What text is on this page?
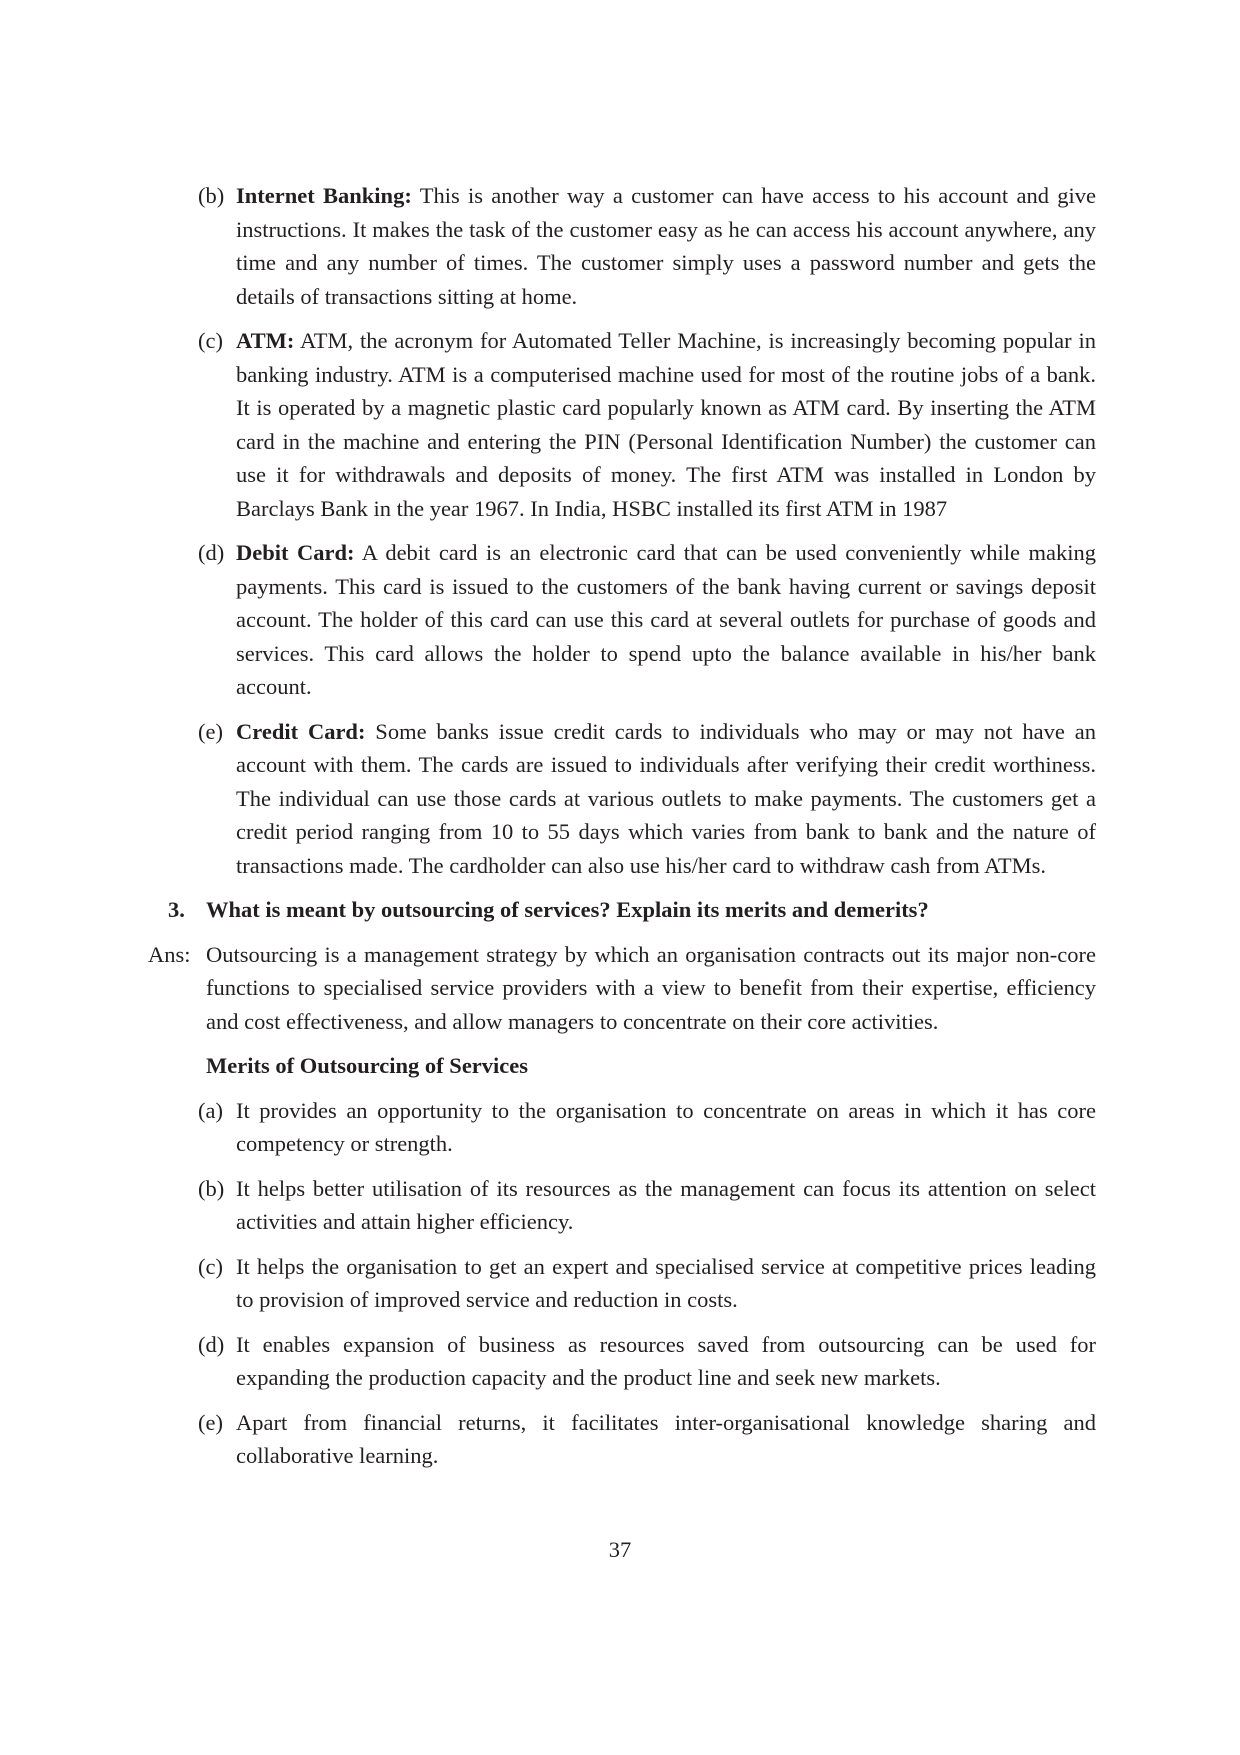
(b) Internet Banking: This is another way a customer can have access to his account and give instructions. It makes the task of the customer easy as he can access his account anywhere, any time and any number of times. The customer simply uses a password number and gets the details of transactions sitting at home.
(c) ATM: ATM, the acronym for Automated Teller Machine, is increasingly becoming popular in banking industry. ATM is a computerised machine used for most of the routine jobs of a bank. It is operated by a magnetic plastic card popularly known as ATM card. By inserting the ATM card in the machine and entering the PIN (Personal Identification Number) the customer can use it for withdrawals and deposits of money. The first ATM was installed in London by Barclays Bank in the year 1967. In India, HSBC installed its first ATM in 1987
(d) Debit Card: A debit card is an electronic card that can be used conveniently while making payments. This card is issued to the customers of the bank having current or savings deposit account. The holder of this card can use this card at several outlets for purchase of goods and services. This card allows the holder to spend upto the balance available in his/her bank account.
(e) Credit Card: Some banks issue credit cards to individuals who may or may not have an account with them. The cards are issued to individuals after verifying their credit worthiness. The individual can use those cards at various outlets to make payments. The customers get a credit period ranging from 10 to 55 days which varies from bank to bank and the nature of transactions made. The cardholder can also use his/her card to withdraw cash from ATMs.
3. What is meant by outsourcing of services? Explain its merits and demerits?
Ans: Outsourcing is a management strategy by which an organisation contracts out its major non-core functions to specialised service providers with a view to benefit from their expertise, efficiency and cost effectiveness, and allow managers to concentrate on their core activities.
Merits of Outsourcing of Services
(a) It provides an opportunity to the organisation to concentrate on areas in which it has core competency or strength.
(b) It helps better utilisation of its resources as the management can focus its attention on select activities and attain higher efficiency.
(c) It helps the organisation to get an expert and specialised service at competitive prices leading to provision of improved service and reduction in costs.
(d) It enables expansion of business as resources saved from outsourcing can be used for expanding the production capacity and the product line and seek new markets.
(e) Apart from financial returns, it facilitates inter-organisational knowledge sharing and collaborative learning.
37
